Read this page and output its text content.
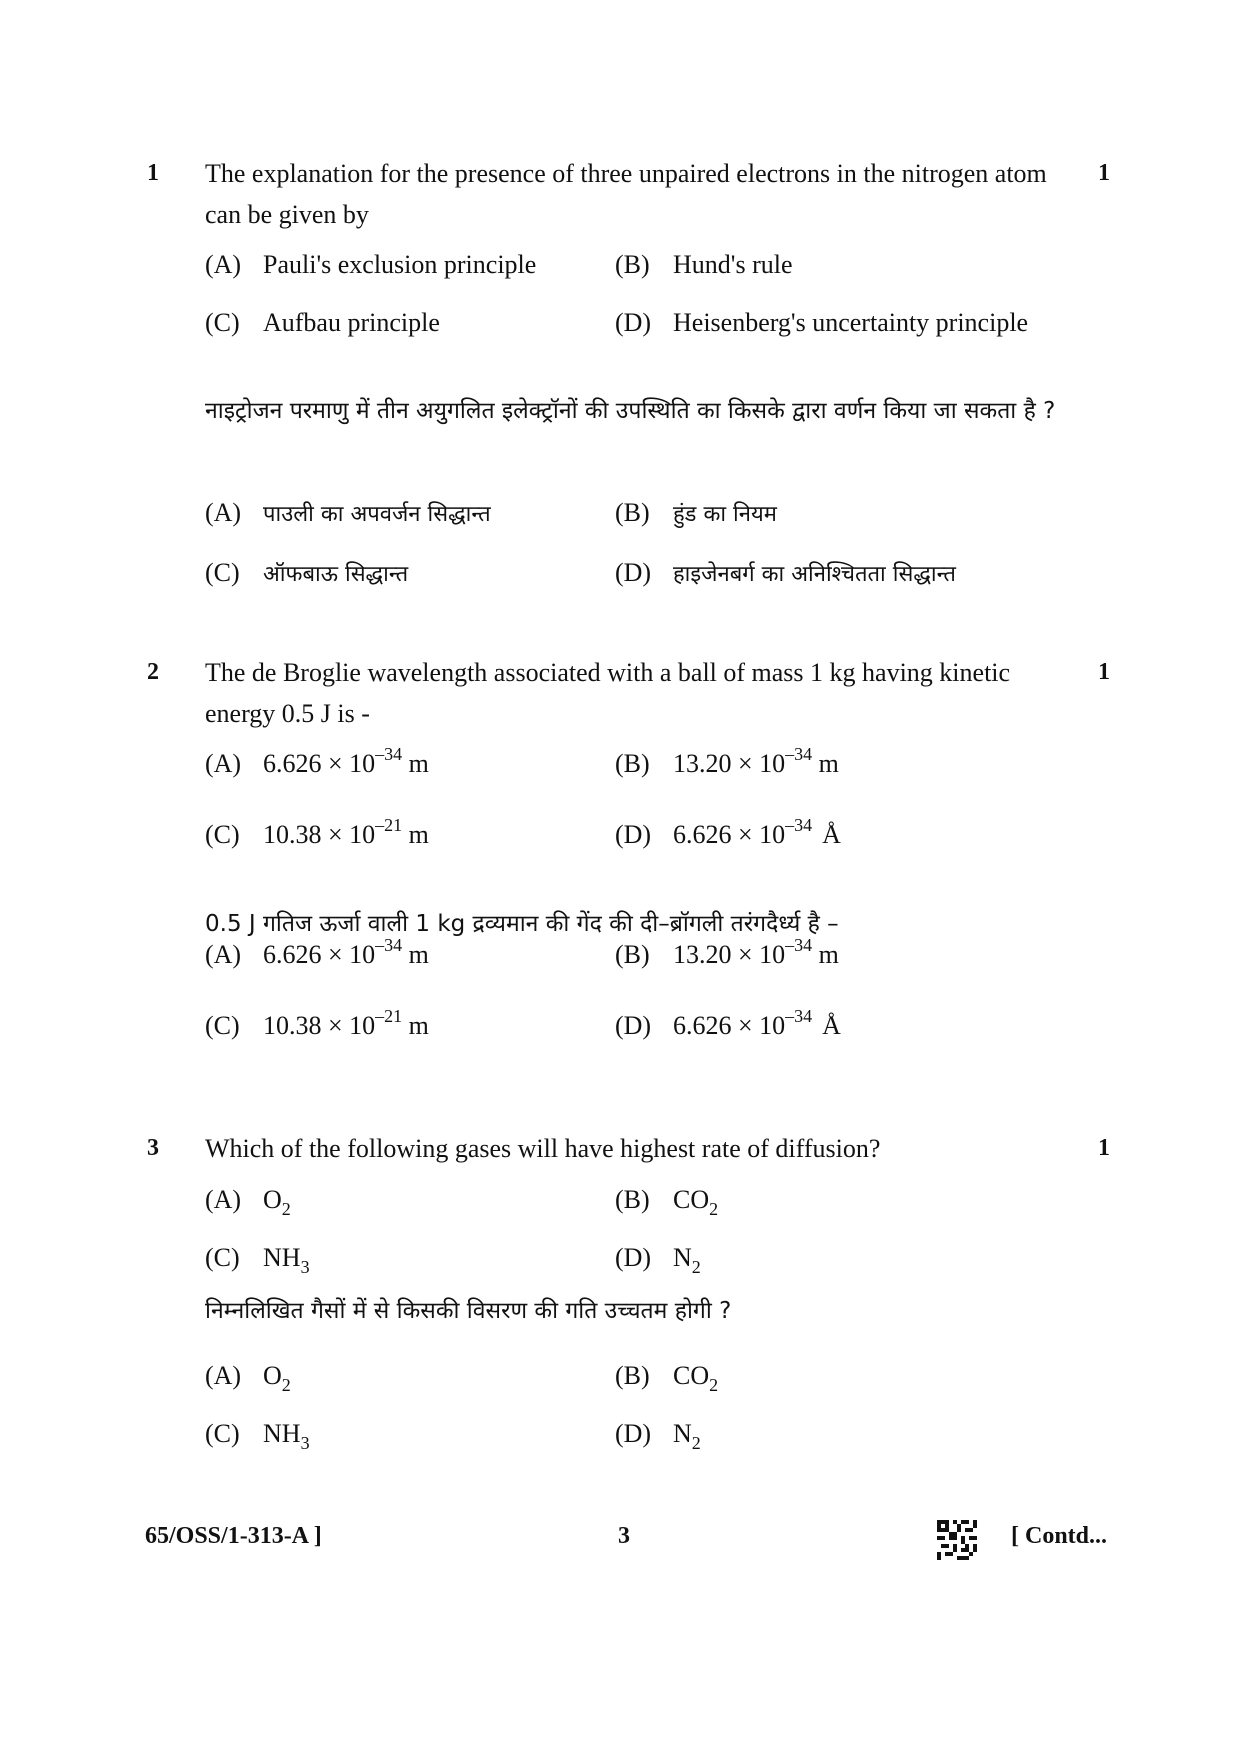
1 The explanation for the presence of three unpaired electrons in the nitrogen atom can be given by
1
(A) Pauli's exclusion principle	(B) Hund's rule
(C) Aufbau principle	(D) Heisenberg's uncertainty principle
नाइट्रोजन परमाणु में तीन अयुगलित इलेक्ट्रॉनों की उपस्थिति का किसके द्वारा वर्णन किया जा सकता है ?
(A) पाउली का अपवर्जन सिद्धान्त	(B) हुंड का नियम
(C) ऑफबाऊ सिद्धान्त	(D) हाइजेनबर्ग का अनिश्चितता सिद्धान्त
2 The de Broglie wavelength associated with a ball of mass 1 kg having kinetic energy 0.5 J is -
1
(A) $6.626 \times 10^{-34}$ m	(B) $13.20 \times 10^{-34}$ m
(C) $10.38 \times 10^{-21}$ m	(D) $6.626 \times 10^{-34}$ Å
0.5 J गतिज ऊर्जा वाली 1 kg द्रव्यमान की गेंद की दी–ब्रॉगली तरंगदैर्ध्य है –
(A) $6.626 \times 10^{-34}$ m	(B) $13.20 \times 10^{-34}$ m
(C) $10.38 \times 10^{-21}$ m	(D) $6.626 \times 10^{-34}$ Å
3 Which of the following gases will have highest rate of diffusion?	1
(A) $O_2$	(B) $CO_2$
(C) $NH_3$	(D) $N_2$
निम्नलिखित गैसों में से किसकी विसरण की गति उच्चतम होगी ?
(A) $O_2$	(B) $CO_2$
(C) $NH_3$	(D) $N_2$
65/OSS/1-313-A ]	3	[ Contd...
